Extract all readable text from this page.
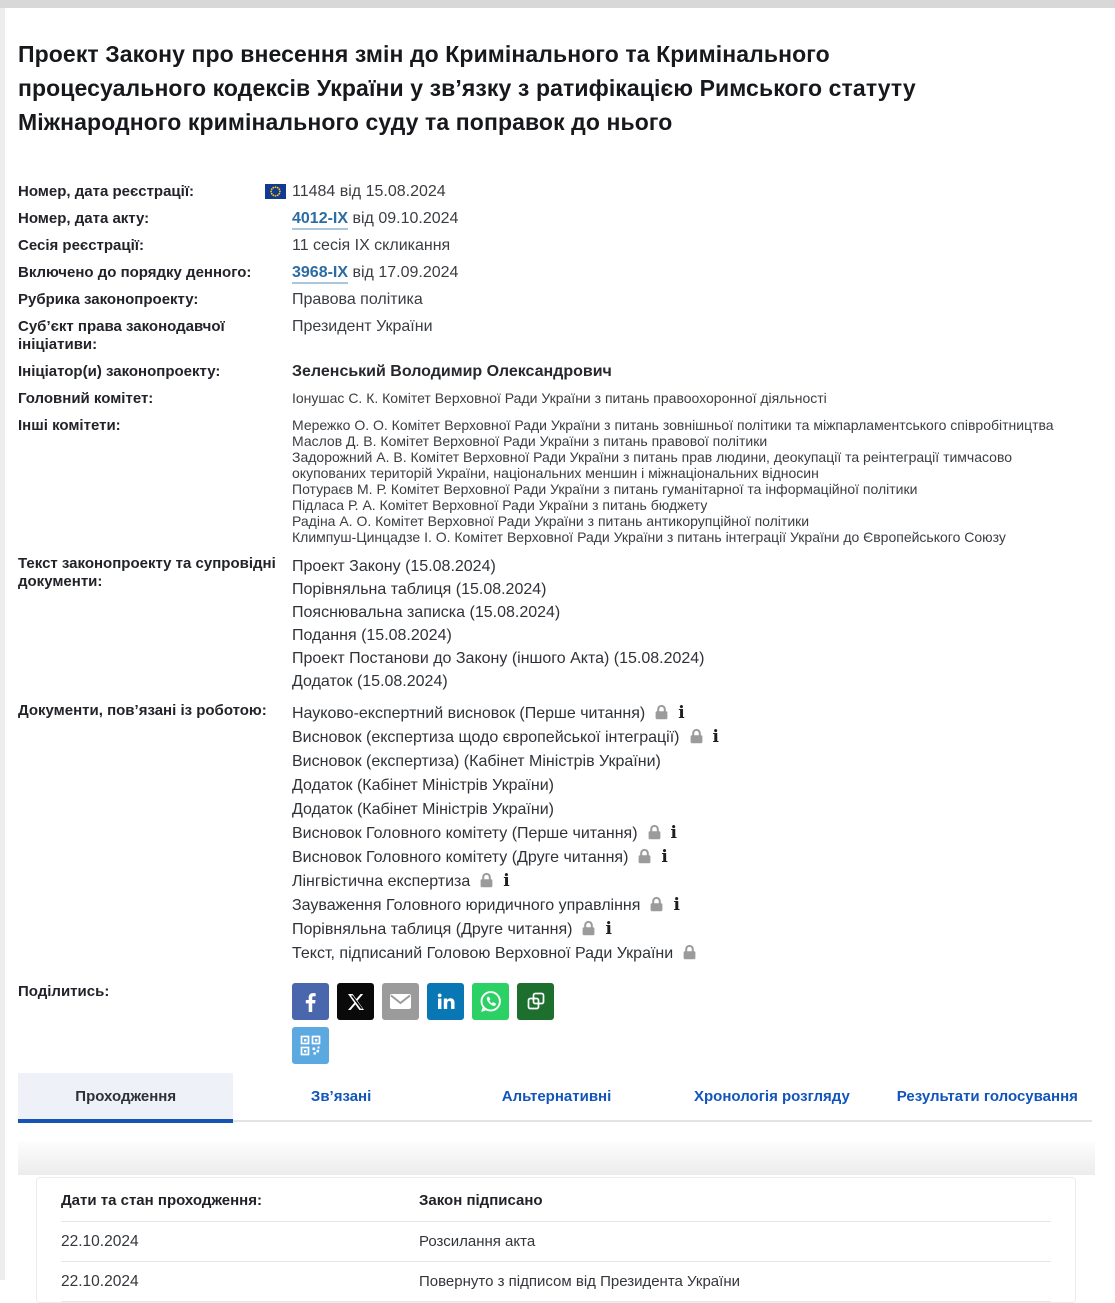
Проект Закону про внесення змін до Кримінального та Кримінального процесуального кодексів України у зв’язку з ратифікацією Римського статуту Міжнародного кримінального суду та поправок до нього
Номер, дата реєстрації:	11484 від 15.08.2024
Номер, дата акту:	4012-IX від 09.10.2024
Сесія реєстрації:	11 сесія IX скликання
Включено до порядку денного:	3968-IX від 17.09.2024
Рубрика законопроекту:	Правова політика
Суб’єкт права законодавчої ініціативи:
Президент України
Ініціатор(и) законопроекту:	Зеленський Володимир Олександрович
Головний комітет:	Іонушас С. К. Комітет Верховної Ради України з питань правоохоронної діяльності
Інші комітети:	Мережко О. О. Комітет Верховної Ради України з питань зовнішньої політики та міжпарламентського співробітництва
Маслов Д. В. Комітет Верховної Ради України з питань правової політики
Задорожний А. В. Комітет Верховної Ради України з питань прав людини, деокупації та реінтеграції тимчасово окупованих територій України, національних меншин і міжнаціональних відносин
Потураєв М. Р. Комітет Верховної Ради України з питань гуманітарної та інформаційної політики
Підласа Р. А. Комітет Верховної Ради України з питань бюджету
Радіна А. О. Комітет Верховної Ради України з питань антикорупційної політики
Климпуш-Цинцадзе І. О. Комітет Верховної Ради України з питань інтеграції України до Європейського Союзу
Текст законопроекту та супровідні документи:
Проект Закону (15.08.2024)
Порівняльна таблиця (15.08.2024)
Пояснювальна записка (15.08.2024)
Подання (15.08.2024)
Проект Постанови до Закону (іншого Акта) (15.08.2024)
Додаток (15.08.2024)
Документи, пов’язані із роботою:	Науково-експертний висновок (Перше читання) i
Висновок (експертиза щодо європейської інтеграції) i
Висновок (експертиза) (Кабінет Міністрів України)
Додаток (Кабінет Міністрів України)
Додаток (Кабінет Міністрів України)
Висновок Головного комітету (Перше читання) i
Висновок Головного комітету (Друге читання) i
Лінгвістична експертиза i
Зауваження Головного юридичного управління i
Порівняльна таблиця (Друге читання) i
Текст, підписаний Головою Верховної Ради України
Поділитись:
Проходження	Зв’язані	Альтернативні	Хронологія розгляду	Результати голосування
Дати та стан проходження:	Закон підписано
22.10.2024	Розсилання акта
22.10.2024	Повернуто з підписом від Президента України
